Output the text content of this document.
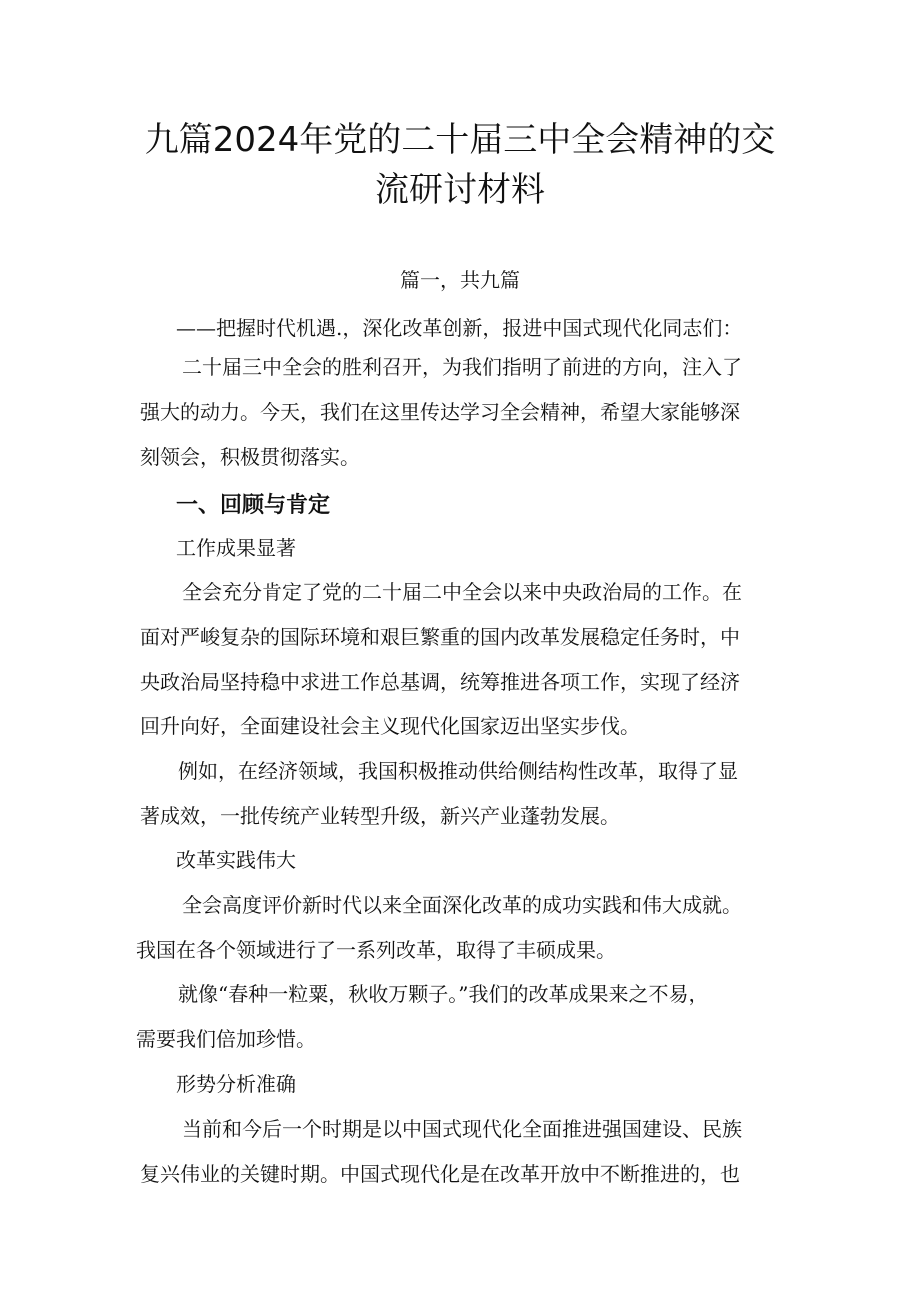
九篇2024年党的二十届三中全会精神的交
流研讨材料
篇一，共九篇
——把握时代机遇.，深化改革创新，报进中国式现代化同志们：
二十届三中全会的胜利召开，为我们指明了前进的方向，注入了
强大的动力。今天，我们在这里传达学习全会精神，希望大家能够深
刻领会，积极贯彻落实。
一、回顾与肯定
工作成果显著
全会充分肯定了党的二十届二中全会以来中央政治局的工作。在
面对严峻复杂的国际环境和艰巨繁重的国内改革发展稳定任务时，中
央政治局坚持稳中求进工作总基调，统筹推进各项工作，实现了经济
回升向好，全面建设社会主义现代化国家迈出坚实步伐。
例如，在经济领域，我国积极推动供给侧结构性改革，取得了显
著成效，一批传统产业转型升级，新兴产业蓬勃发展。
改革实践伟大
全会高度评价新时代以来全面深化改革的成功实践和伟大成就。
我国在各个领域进行了一系列改革，取得了丰硕成果。
就像“春种一粒粟，秋收万颗子。”我们的改革成果来之不易，
需要我们倍加珍惜。
形势分析准确
当前和今后一个时期是以中国式现代化全面推进强国建设、民族
复兴伟业的关键时期。中国式现代化是在改革开放中不断推进的，也
